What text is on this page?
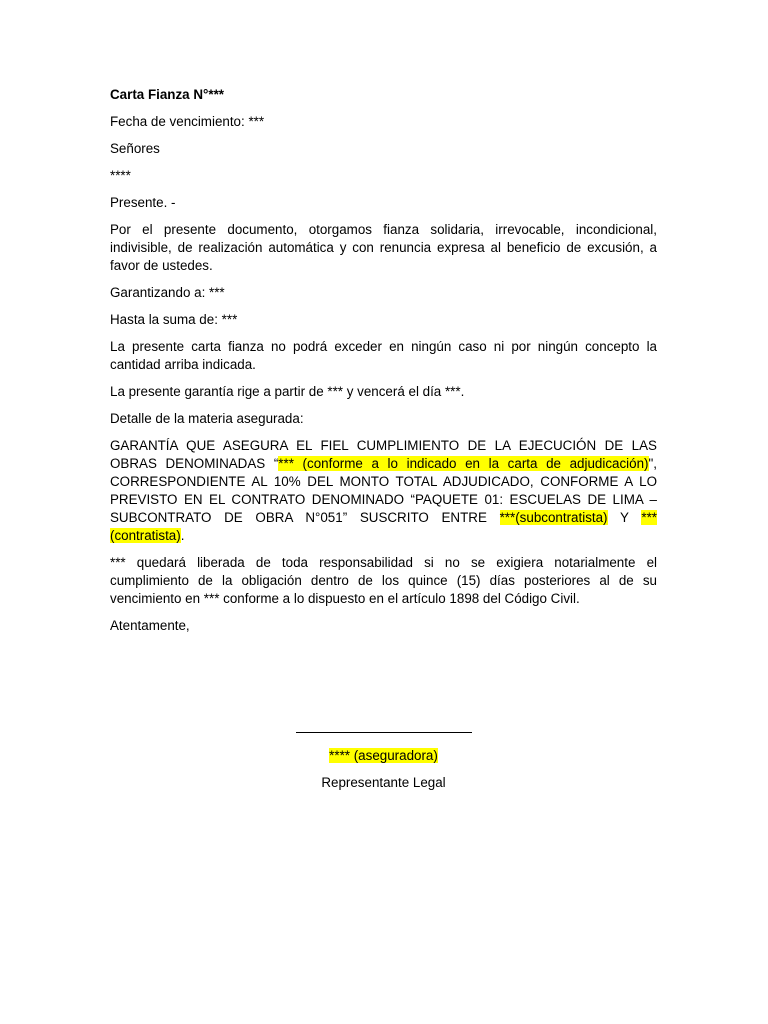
Carta Fianza N°***

Fecha de vencimiento: ***

Señores

****

Presente. -

Por el presente documento, otorgamos fianza solidaria, irrevocable, incondicional, indivisible, de realización automática y con renuncia expresa al beneficio de excusión, a favor de ustedes.

Garantizando a: ***

Hasta la suma de: ***

La presente carta fianza no podrá exceder en ningún caso ni por ningún concepto la cantidad arriba indicada.

La presente garantía rige a partir de *** y vencerá el día ***.

Detalle de la materia asegurada:

GARANTÍA QUE ASEGURA EL FIEL CUMPLIMIENTO DE LA EJECUCIÓN DE LAS OBRAS DENOMINADAS “*** (conforme a lo indicado en la carta de adjudicación)", CORRESPONDIENTE AL 10% DEL MONTO TOTAL ADJUDICADO, CONFORME A LO PREVISTO EN EL CONTRATO DENOMINADO “PAQUETE 01: ESCUELAS DE LIMA – SUBCONTRATO DE OBRA N°051” SUSCRITO ENTRE ***(subcontratista) Y ***(contratista).

*** quedará liberada de toda responsabilidad si no se exigiera notarialmente el cumplimiento de la obligación dentro de los quince (15) días posteriores al de su vencimiento en *** conforme a lo dispuesto en el artículo 1898 del Código Civil.

Atentamente,

**** (aseguradora)

Representante Legal
